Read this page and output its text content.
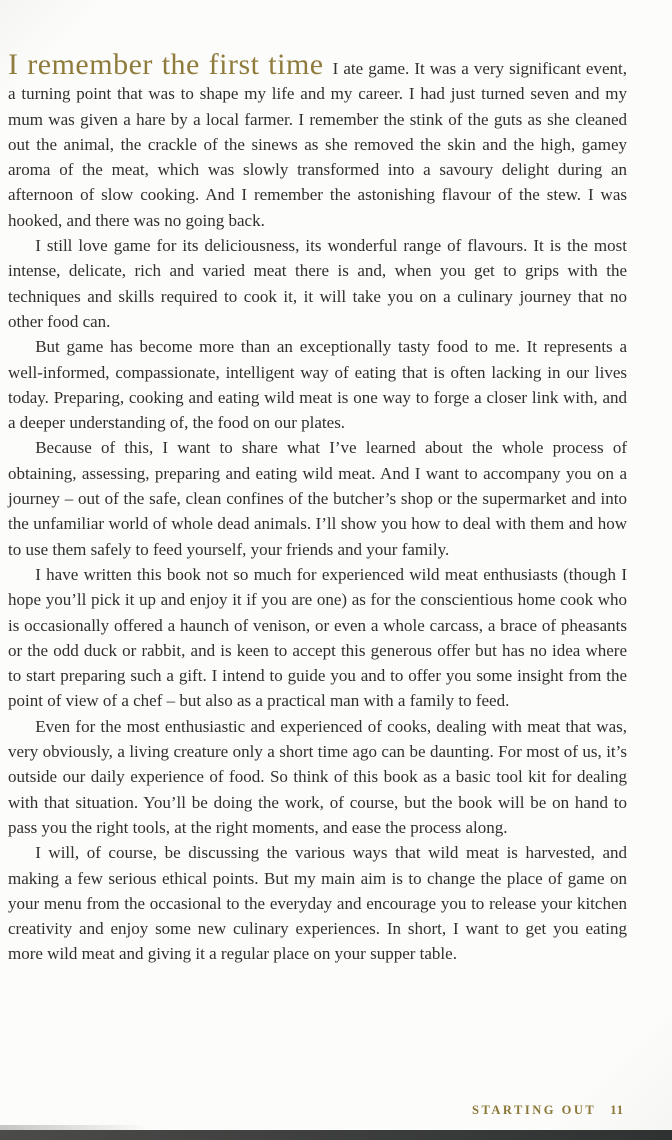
I remember the first time I ate game. It was a very significant event, a turning point that was to shape my life and my career. I had just turned seven and my mum was given a hare by a local farmer. I remember the stink of the guts as she cleaned out the animal, the crackle of the sinews as she removed the skin and the high, gamey aroma of the meat, which was slowly transformed into a savoury delight during an afternoon of slow cooking. And I remember the astonishing flavour of the stew. I was hooked, and there was no going back.

I still love game for its deliciousness, its wonderful range of flavours. It is the most intense, delicate, rich and varied meat there is and, when you get to grips with the techniques and skills required to cook it, it will take you on a culinary journey that no other food can.

But game has become more than an exceptionally tasty food to me. It represents a well-informed, compassionate, intelligent way of eating that is often lacking in our lives today. Preparing, cooking and eating wild meat is one way to forge a closer link with, and a deeper understanding of, the food on our plates.

Because of this, I want to share what I’ve learned about the whole process of obtaining, assessing, preparing and eating wild meat. And I want to accompany you on a journey – out of the safe, clean confines of the butcher’s shop or the supermarket and into the unfamiliar world of whole dead animals. I’ll show you how to deal with them and how to use them safely to feed yourself, your friends and your family.

I have written this book not so much for experienced wild meat enthusiasts (though I hope you’ll pick it up and enjoy it if you are one) as for the conscientious home cook who is occasionally offered a haunch of venison, or even a whole carcass, a brace of pheasants or the odd duck or rabbit, and is keen to accept this generous offer but has no idea where to start preparing such a gift. I intend to guide you and to offer you some insight from the point of view of a chef – but also as a practical man with a family to feed.

Even for the most enthusiastic and experienced of cooks, dealing with meat that was, very obviously, a living creature only a short time ago can be daunting. For most of us, it’s outside our daily experience of food. So think of this book as a basic tool kit for dealing with that situation. You’ll be doing the work, of course, but the book will be on hand to pass you the right tools, at the right moments, and ease the process along.

I will, of course, be discussing the various ways that wild meat is harvested, and making a few serious ethical points. But my main aim is to change the place of game on your menu from the occasional to the everyday and encourage you to release your kitchen creativity and enjoy some new culinary experiences. In short, I want to get you eating more wild meat and giving it a regular place on your supper table.

STARTING OUT 11
